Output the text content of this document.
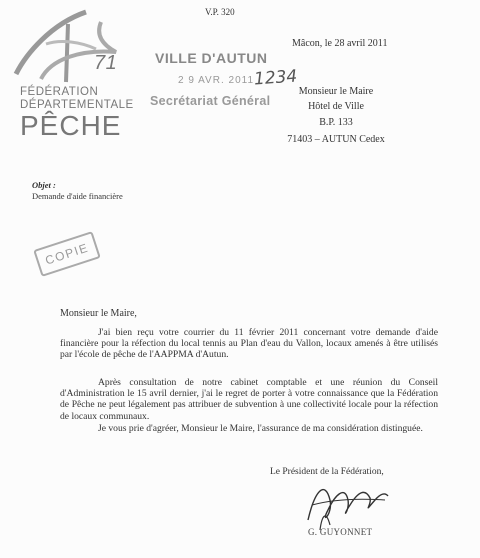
71
FÉDÉRATION
DÉPARTEMENTALE
PÊCHE
V.P. 320
VILLE D'AUTUN
2 9 AVR. 2011 1234
Secrétariat Général
Mâcon, le 28 avril 2011
Monsieur le Maire
Hôtel de Ville
B.P. 133
71403 – AUTUN Cedex
Objet :
Demande d'aide financière
COPIE
Monsieur le Maire,
J'ai bien reçu votre courrier du 11 février 2011 concernant votre demande d'aide financière pour la réfection du local tennis au Plan d'eau du Vallon, locaux amenés à être utilisés par l'école de pêche de l'AAPPMA d'Autun.
Après consultation de notre cabinet comptable et une réunion du Conseil d'Administration le 15 avril dernier, j'ai le regret de porter à votre connaissance que la Fédération de Pêche ne peut légalement pas attribuer de subvention à une collectivité locale pour la réfection de locaux communaux.
Je vous prie d'agréer, Monsieur le Maire, l'assurance de ma considération distinguée.
Le Président de la Fédération,
G. GUYONNET
